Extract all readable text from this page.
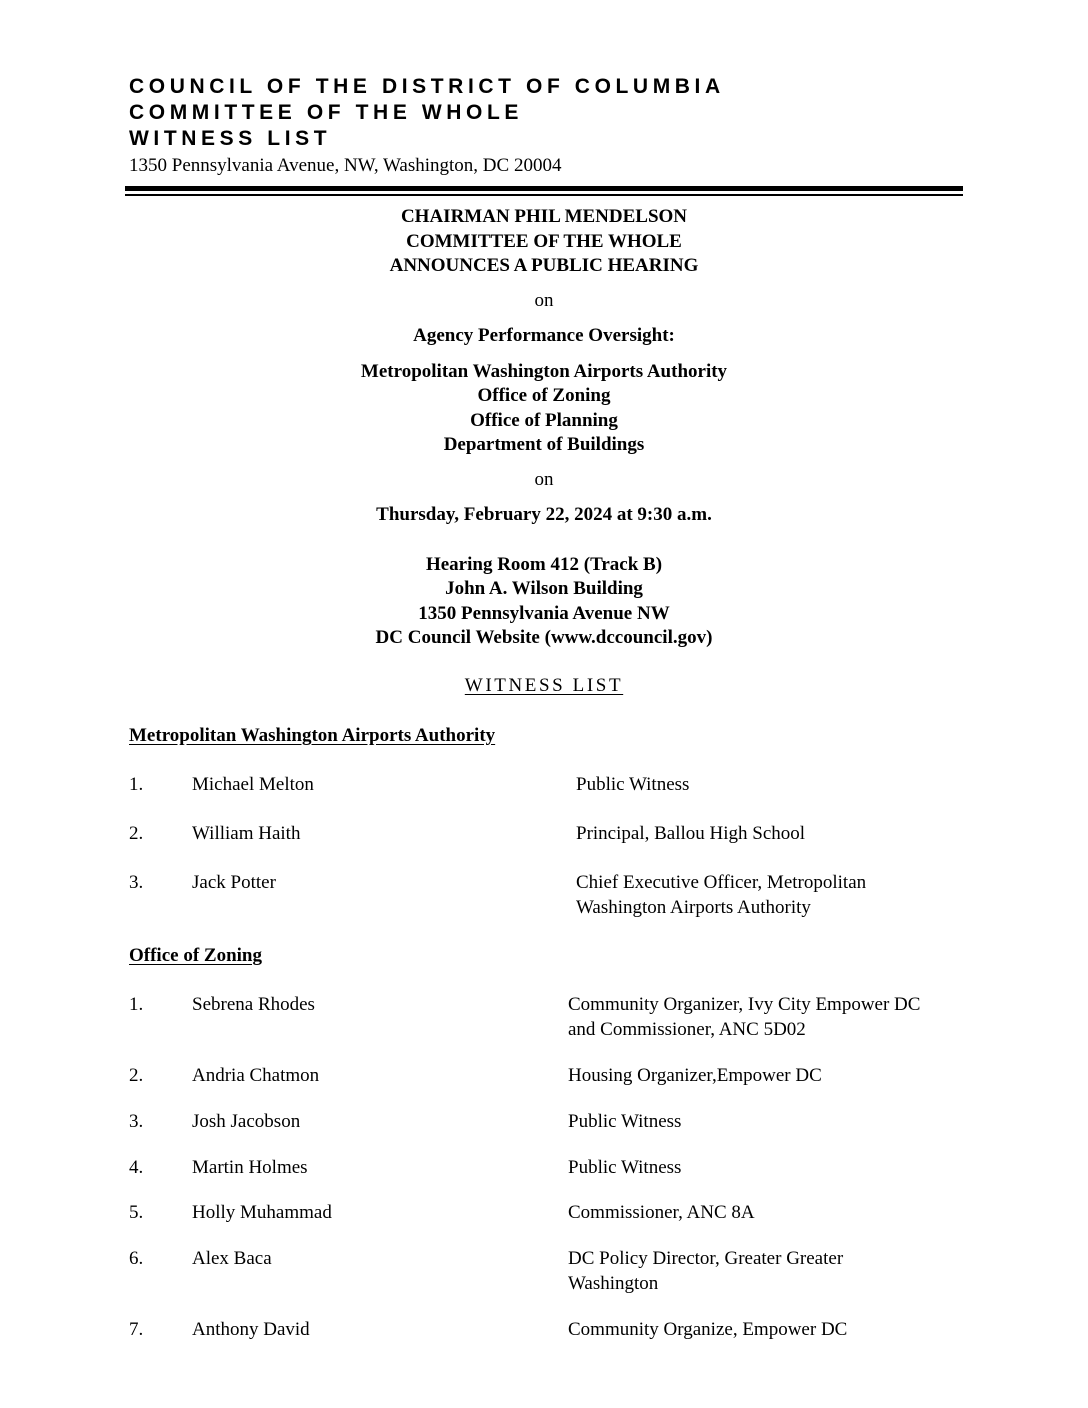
COUNCIL OF THE DISTRICT OF COLUMBIA
COMMITTEE OF THE WHOLE
WITNESS LIST
1350 Pennsylvania Avenue, NW, Washington, DC 20004
CHAIRMAN PHIL MENDELSON
COMMITTEE OF THE WHOLE
ANNOUNCES A PUBLIC HEARING
on
Agency Performance Oversight:
Metropolitan Washington Airports Authority
Office of Zoning
Office of Planning
Department of Buildings
on
Thursday, February 22, 2024 at 9:30 a.m.
Hearing Room 412 (Track B)
John A. Wilson Building
1350 Pennsylvania Avenue NW
DC Council Website (www.dccouncil.gov)
WITNESS LIST
Metropolitan Washington Airports Authority
1.	Michael Melton	Public Witness
2.	William Haith	Principal, Ballou High School
3.	Jack Potter	Chief Executive Officer, Metropolitan Washington Airports Authority
Office of Zoning
1.	Sebrena Rhodes	Community Organizer, Ivy City Empower DC and Commissioner, ANC 5D02
2.	Andria Chatmon	Housing Organizer,Empower DC
3.	Josh Jacobson	Public Witness
4.	Martin Holmes	Public Witness
5.	Holly Muhammad	Commissioner, ANC 8A
6.	Alex Baca	DC Policy Director, Greater Greater Washington
7.	Anthony David	Community Organize, Empower DC
